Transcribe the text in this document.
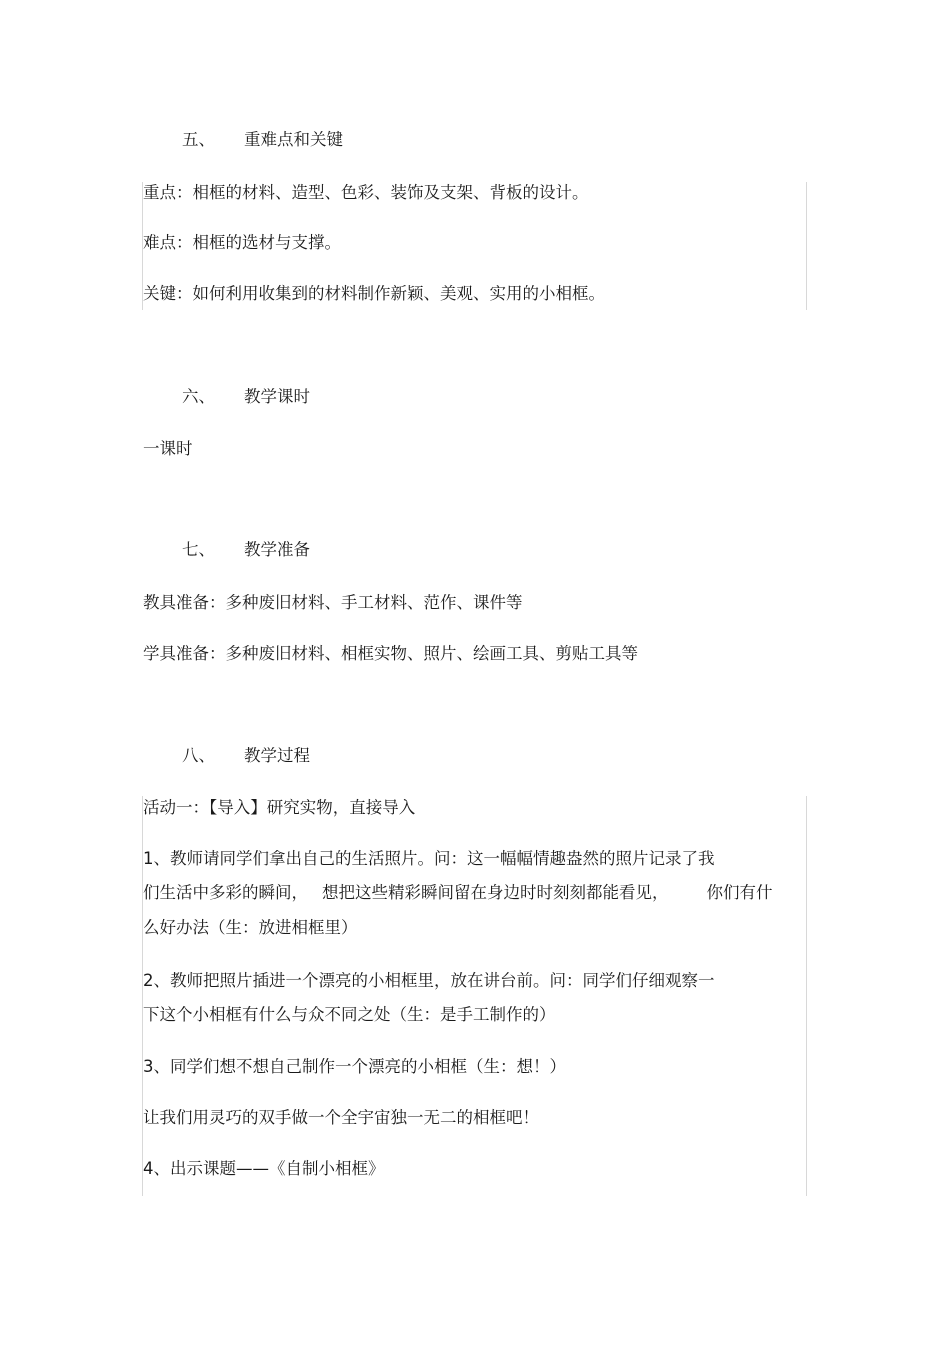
五、 重难点和关键
重点：相框的材料、造型、色彩、装饰及支架、背板的设计。
难点：相框的选材与支撑。
关键：如何利用收集到的材料制作新颖、美观、实用的小相框。
六、 教学课时
一课时
七、 教学准备
教具准备：多种废旧材料、手工材料、范作、课件等
学具准备：多种废旧材料、相框实物、照片、绘画工具、剪贴工具等
八、 教学过程
活动一：【导入】研究实物，直接导入
1、教师请同学们拿出自己的生活照片。问：这一幅幅情趣盎然的照片记录了我
们生活中多彩的瞬间， 想把这些精彩瞬间留在身边时时刻刻都能看见， 你们有什
么好办法（生：放进相框里）
2、教师把照片插进一个漂亮的小相框里，放在讲台前。问：同学们仔细观察一
下这个小相框有什么与众不同之处（生：是手工制作的）
3、同学们想不想自己制作一个漂亮的小相框（生：想！）
让我们用灵巧的双手做一个全宇宙独一无二的相框吧！
4、出示课题——《自制小相框》
